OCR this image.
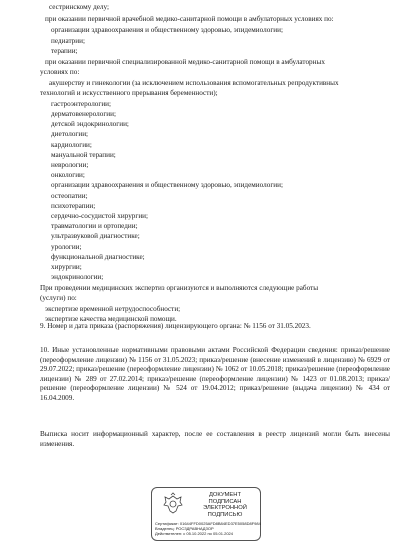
сестринскому делу;
при оказании первичной врачебной медико-санитарной помощи в амбулаторных условиях по:
организации здравоохранения и общественному здоровью, эпидемиологии;
педиатрии;
терапии;
при оказании первичной специализированной медико-санитарной помощи в амбулаторных
условиях по:
акушерству и гинекологии (за исключением использования вспомогательных репродуктивных
технологий и искусственного прерывания беременности);
гастроэнтерологии;
дерматовенерологии;
детской эндокринологии;
диетологии;
кардиологии;
мануальной терапии;
неврологии;
онкологии;
организации здравоохранения и общественному здоровью, эпидемиологии;
остеопатии;
психотерапии;
сердечно-сосудистой хирургии;
травматологии и ортопедии;
ультразвуковой диагностике;
урологии;
функциональной диагностике;
хирургии;
эндокринологии;
При проведении медицинских экспертиз организуются и выполняются следующие работы
(услуги) по:
экспертизе временной нетрудоспособности;
экспертизе качества медицинской помощи.
9. Номер и дата приказа (распоряжения) лицензирующего органа: № 1156 от 31.05.2023.
10. Иные установленные нормативными правовыми актами Российской Федерации сведения: приказ/решение (переоформление лицензии) № 1156 от 31.05.2023; приказ/решение (внесение изменений в лицензию) № 6929 от 29.07.2022; приказ/решение (переоформление лицензии) № 1062 от 10.05.2018; приказ/решение (переоформление лицензии) № 289 от 27.02.2014; приказ/решение (переоформление лицензии) № 1423 от 01.08.2013; приказ/решение (переоформление лицензии) № 524 от 19.04.2012; приказ/решение (выдача лицензии) № 434 от 16.04.2009.
Выписка носит информационный характер, после ее составления в реестр лицензий могли быть внесены изменения.
ДОКУМЕНТ ПОДПИСАН
ЭЛЕКТРОННОЙ ПОДПИСЬЮ
Сертификат: 01644FFD0025AFD8B84ED37E5058D8F984
Владелец: РОСЗДРАВНАДЗОР
Действителен: с 05.10.2022 по 05.01.2024
